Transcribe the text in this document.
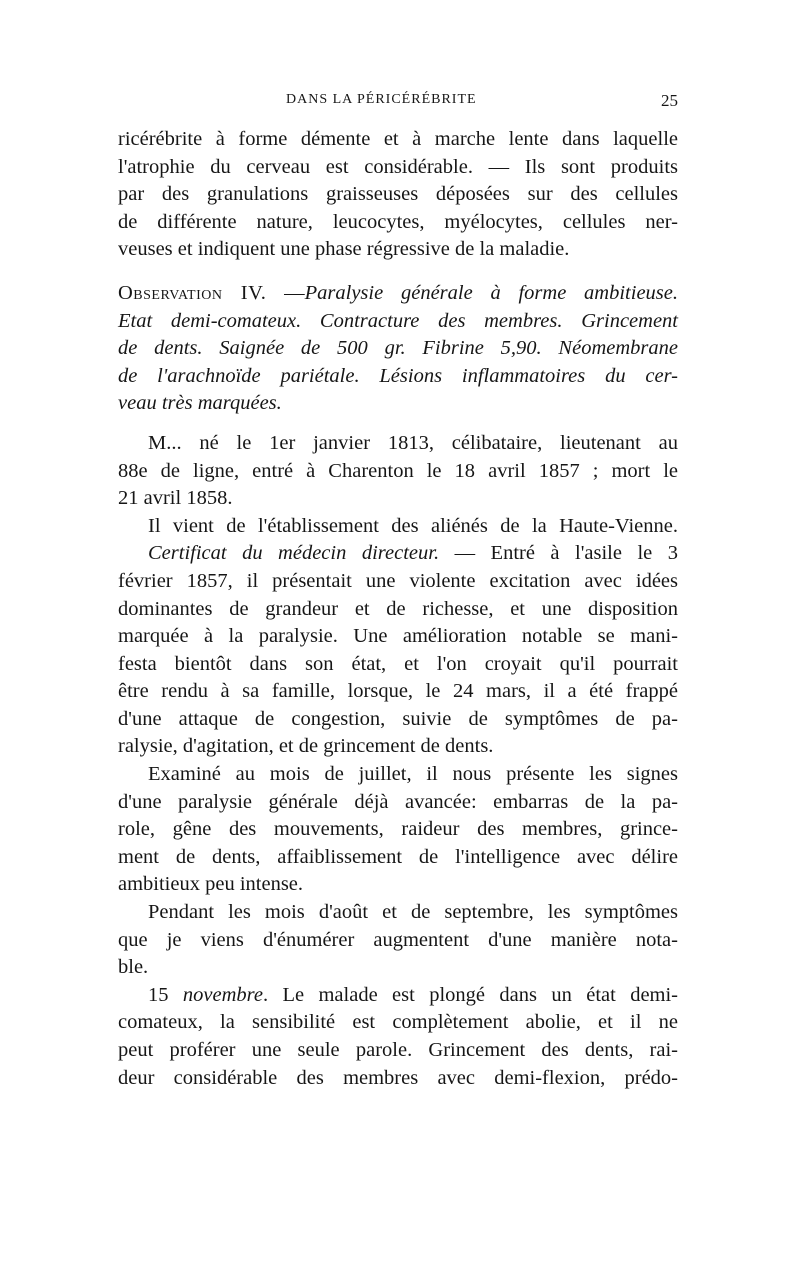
DANS LA PÉRICÉRÉBRITE	25
ricérébrite à forme démente et à marche lente dans laquelle
l'atrophie du cerveau est considérable. — Ils sont produits
par des granulations graisseuses déposées sur des cellules
de différente nature, leucocytes, myélocytes, cellules ner-
veuses et indiquent une phase régressive de la maladie.
Observation IV. —Paralysie générale à forme ambitieuse.
Etat demi-comateux. Contracture des membres. Grincement
de dents. Saignée de 500 gr. Fibrine 5,90. Néomembrane
de l'arachnoïde pariétale. Lésions inflammatoires du cer-
veau très marquées.
M... né le 1er janvier 1813, célibataire, lieutenant au
88e de ligne, entré à Charenton le 18 avril 1857 ; mort le
21 avril 1858.
Il vient de l'établissement des aliénés de la Haute-Vienne.
Certificat du médecin directeur. — Entré à l'asile le 3
février 1857, il présentait une violente excitation avec idées
dominantes de grandeur et de richesse, et une disposition
marquée à la paralysie. Une amélioration notable se mani-
festa bientôt dans son état, et l'on croyait qu'il pourrait
être rendu à sa famille, lorsque, le 24 mars, il a été frappé
d'une attaque de congestion, suivie de symptômes de pa-
ralysie, d'agitation, et de grincement de dents.
Examiné au mois de juillet, il nous présente les signes
d'une paralysie générale déjà avancée: embarras de la pa-
role, gêne des mouvements, raideur des membres, grince-
ment de dents, affaiblissement de l'intelligence avec délire
ambitieux peu intense.
Pendant les mois d'août et de septembre, les symptômes
que je viens d'énumérer augmentent d'une manière nota-
ble.
15 novembre. Le malade est plongé dans un état demi-
comateux, la sensibilité est complètement abolie, et il ne
peut proférer une seule parole. Grincement des dents, rai-
deur considérable des membres avec demi-flexion, prédo-
